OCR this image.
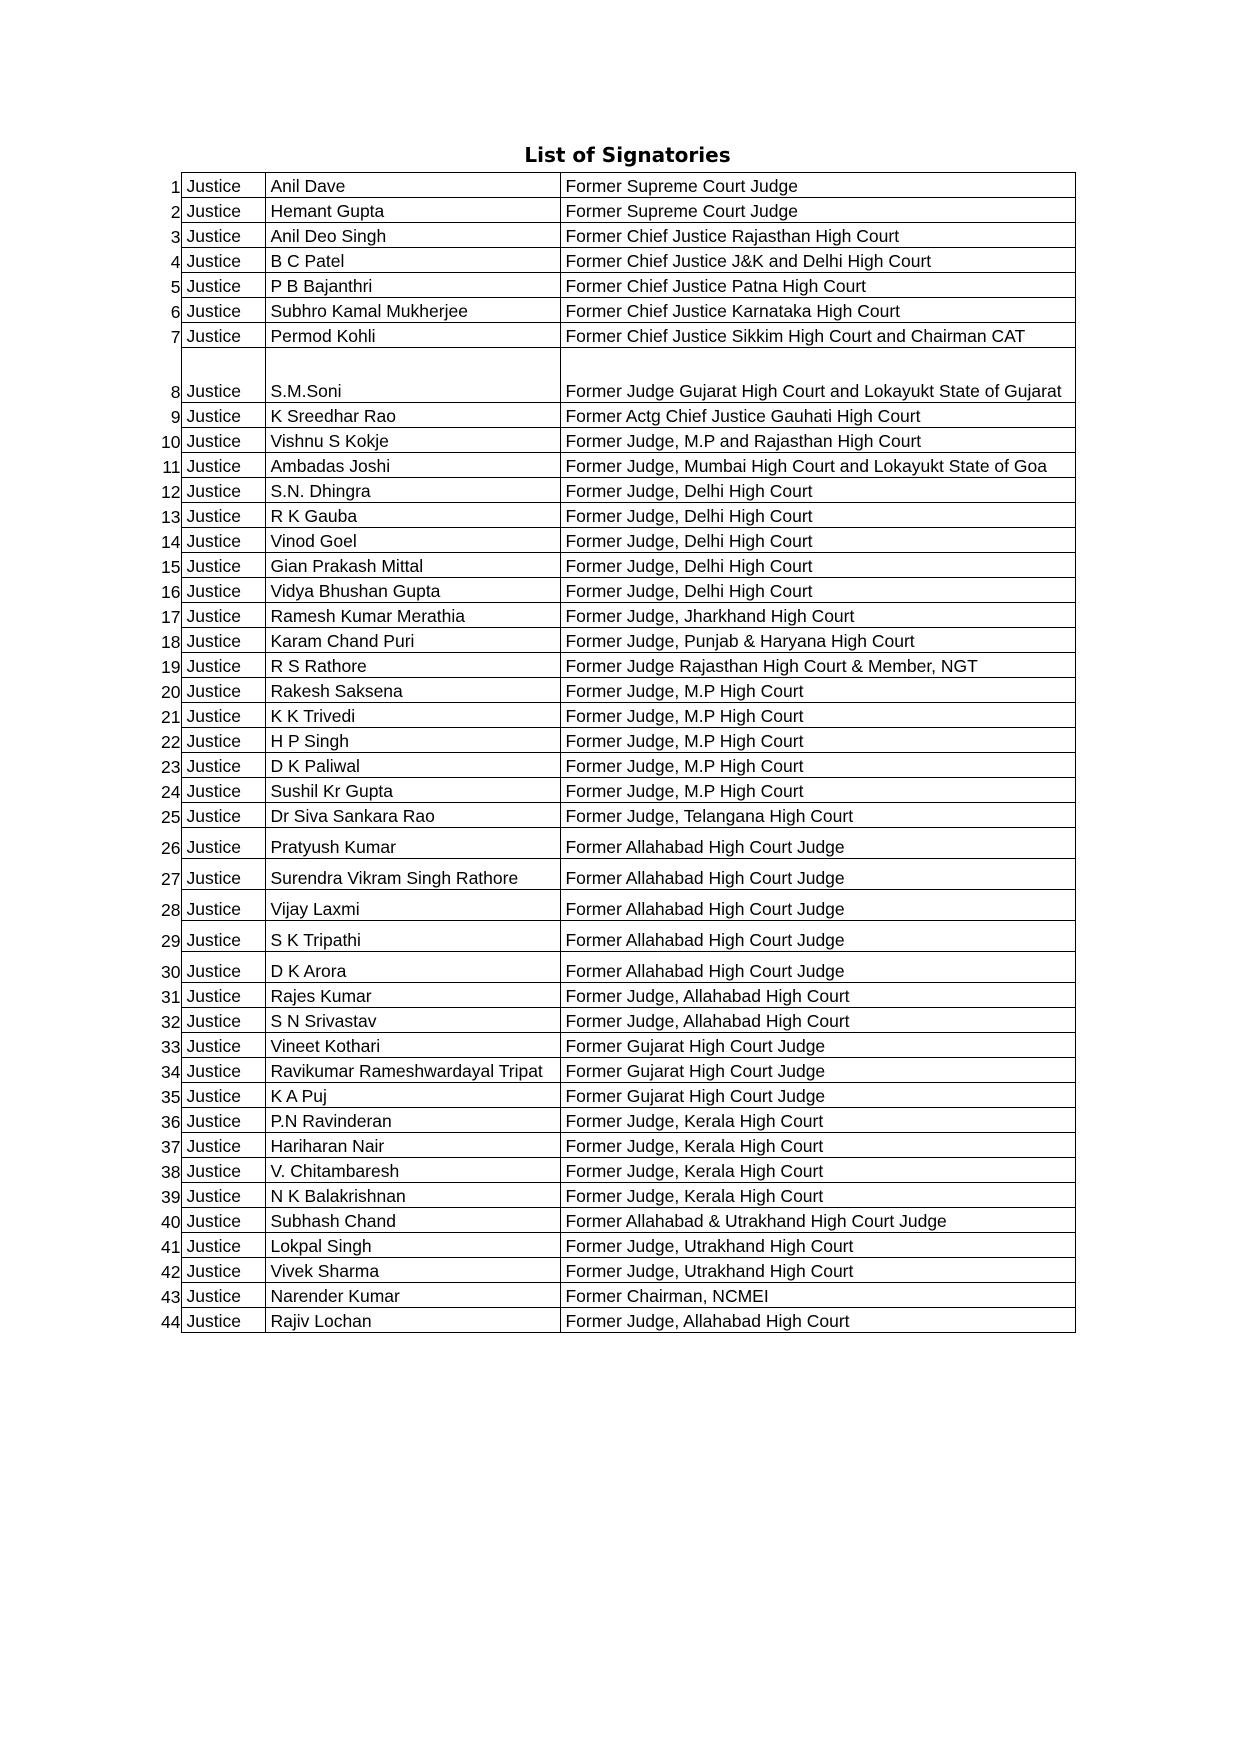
List of Signatories
1	Justice	Anil Dave	Former Supreme Court Judge
2	Justice	Hemant Gupta	Former Supreme Court Judge
3	Justice	Anil Deo Singh	Former Chief Justice Rajasthan High Court
4	Justice	B C Patel	Former Chief Justice J&K and Delhi High Court
5	Justice	P B Bajanthri	Former Chief Justice Patna High Court
6	Justice	Subhro Kamal Mukherjee	Former Chief Justice Karnataka High Court
7	Justice	Permod Kohli	Former Chief Justice Sikkim High Court and Chairman CAT
8	Justice	S.M.Soni	Former Judge Gujarat High Court and Lokayukt State of Gujarat
9	Justice	K Sreedhar Rao	Former Actg Chief Justice Gauhati High Court
10	Justice	Vishnu S Kokje	Former Judge, M.P and Rajasthan High Court
11	Justice	Ambadas Joshi	Former Judge, Mumbai High Court and Lokayukt State of Goa
12	Justice	S.N. Dhingra	Former Judge, Delhi High Court
13	Justice	R K Gauba	Former Judge, Delhi High Court
14	Justice	Vinod Goel	Former Judge, Delhi High Court
15	Justice	Gian Prakash Mittal	Former Judge, Delhi High Court
16	Justice	Vidya Bhushan Gupta	Former Judge, Delhi High Court
17	Justice	Ramesh Kumar Merathia	Former Judge, Jharkhand High Court
18	Justice	Karam Chand Puri	Former Judge, Punjab & Haryana High Court
19	Justice	R S Rathore	Former Judge Rajasthan High Court & Member, NGT
20	Justice	Rakesh Saksena	Former Judge, M.P High Court
21	Justice	K K Trivedi	Former Judge, M.P High Court
22	Justice	H P Singh	Former Judge, M.P High Court
23	Justice	D K Paliwal	Former Judge, M.P High Court
24	Justice	Sushil Kr Gupta	Former Judge, M.P High Court
25	Justice	Dr Siva Sankara Rao	Former Judge, Telangana High Court
26	Justice	Pratyush Kumar	Former Allahabad High Court Judge
27	Justice	Surendra Vikram Singh Rathore	Former Allahabad High Court Judge
28	Justice	Vijay Laxmi	Former Allahabad High Court Judge
29	Justice	S K Tripathi	Former Allahabad High Court Judge
30	Justice	D K Arora	Former Allahabad High Court Judge
31	Justice	Rajes Kumar	Former Judge, Allahabad High Court
32	Justice	S N Srivastav	Former Judge, Allahabad High Court
33	Justice	Vineet Kothari	Former Gujarat High Court Judge
34	Justice	Ravikumar Rameshwardayal Tripat	Former Gujarat High Court Judge
35	Justice	K A Puj	Former Gujarat High Court Judge
36	Justice	P.N Ravinderan	Former Judge, Kerala High Court
37	Justice	Hariharan Nair	Former Judge, Kerala High Court
38	Justice	V. Chitambaresh	Former Judge, Kerala High Court
39	Justice	N K Balakrishnan	Former Judge, Kerala High Court
40	Justice	Subhash Chand	Former Allahabad & Utrakhand High Court Judge
41	Justice	Lokpal Singh	Former Judge, Utrakhand High Court
42	Justice	Vivek Sharma	Former Judge, Utrakhand High Court
43	Justice	Narender Kumar	Former Chairman, NCMEI
44	Justice	Rajiv Lochan	Former Judge, Allahabad High Court
